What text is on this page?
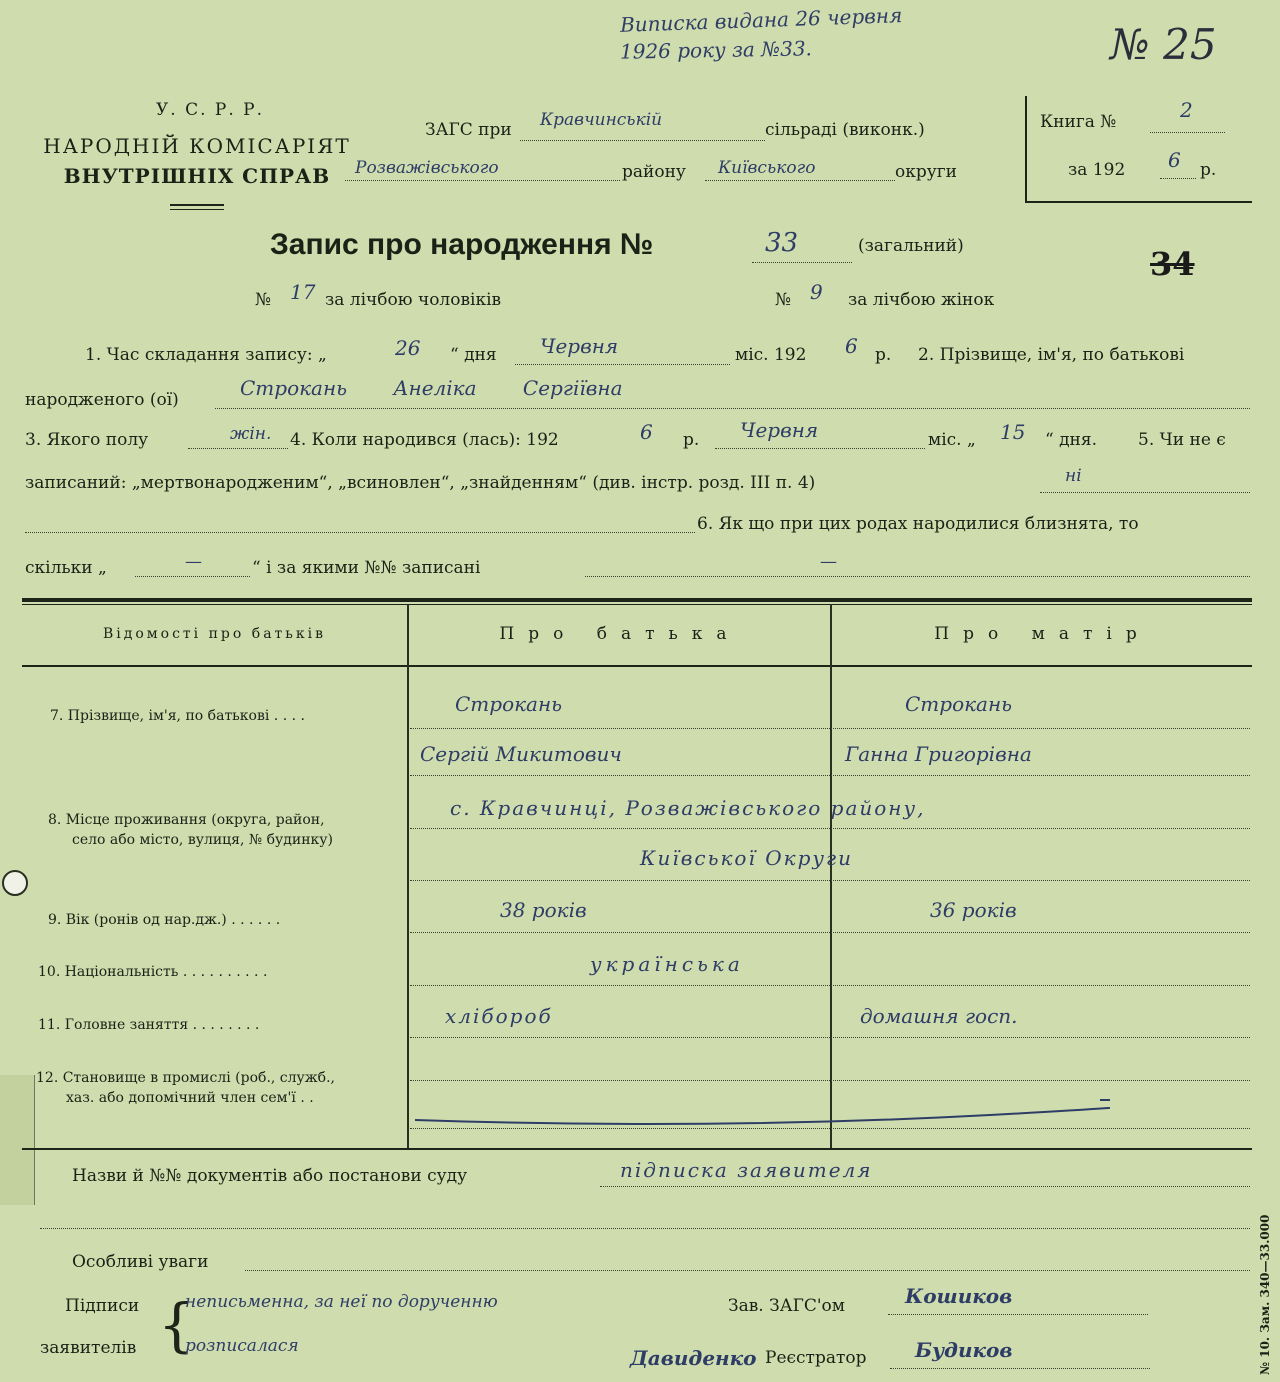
Виписка видана 26 червня
1926 року за №33.	№ 25
У. С. Р. Р.
НАРОДНІЙ КОМІСАРІЯТ
ВНУТРІШНІХ СПРАВ
ЗАГС при Кравчинській	сільраді (виконк.)
Розважівського	району Київського	округи
Книга №	2
за 192 6 р.
Запис про народження №	33	(загальний)	34
№ 17 за лічбою чоловіків	№ 9 за лічбою жінок
1. Час складання запису: „	26 “ дня Червня	міс. 192 6 р. 2. Прізвище, ім'я, по батькові
народженого (ої)	Строкань Анеліка Сергіївна
3. Якого полу	жін. 4. Коли народився (лась): 192	6 р. Червня	міс. „ 15 “ дня. 5. Чи не є
записаний: „мертвонародженим“, „всиновлен“, „знайденням“ (див. інстр. розд. III п. 4)	ні
6. Як що при цих родах народилися близнята, то
скільки „	—	“ і за якими №№ записані	—
Відомості про батьків	Про батька	Про матір
7. Прізвище, ім'я, по батькові . . . .	Строкань	Строкань
Сергій Микитович	Ганна Григорівна
8. Місце проживання (округа, район,
село або місто, вулиця, № будинку)
с. Кравчинці, Розважівського району,
Київської Округи
9. Вік (ронів од нар.дж.) . . . . . .	38 років	36 років
10. Національність . . . . . . . . . .	українська
11. Головне заняття . . . . . . . .	хлібороб	домашня госп.
12. Становище в промислі (роб., служб.,
хаз. або допомічний член сем'ї . .
Назви й №№ документів або постанови суду	підписка заявителя
Особливі уваги
Підписи
заявителів {
неписьменна, за неї по дорученню
розписалася	Давиденко
Зав. ЗАГС'ом	Кошиков
Реєстратор Будиков	№ 10. Зам. 340—33.000
